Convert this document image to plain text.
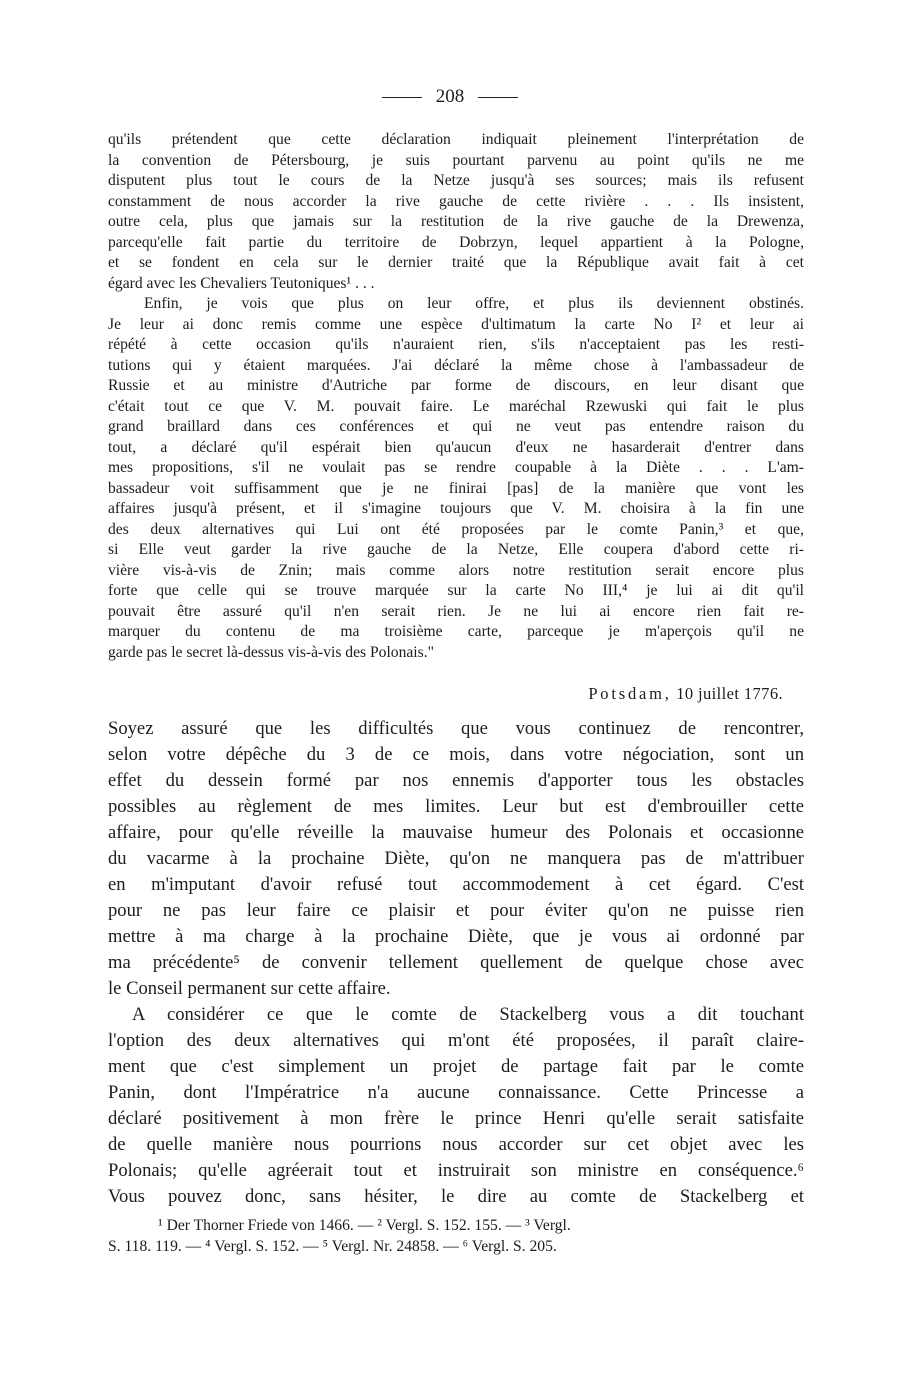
208
qu'ils prétendent que cette déclaration indiquait pleinement l'interprétation de
la convention de Pétersbourg, je suis pourtant parvenu au point qu'ils ne me
disputent plus tout le cours de la Netze jusqu'à ses sources; mais ils refusent
constamment de nous accorder la rive gauche de cette rivière . . . Ils insistent,
outre cela, plus que jamais sur la restitution de la rive gauche de la Drewenza,
parcequ'elle fait partie du territoire de Dobrzyn, lequel appartient à la Pologne,
et se fondent en cela sur le dernier traité que la République avait fait à cet
égard avec les Chevaliers Teutoniques¹ . . .
Enfin, je vois que plus on leur offre, et plus ils deviennent obstinés.
Je leur ai donc remis comme une espèce d'ultimatum la carte No I² et leur ai
répété à cette occasion qu'ils n'auraient rien, s'ils n'acceptaient pas les resti-
tutions qui y étaient marquées. J'ai déclaré la même chose à l'ambassadeur de
Russie et au ministre d'Autriche par forme de discours, en leur disant que
c'était tout ce que V. M. pouvait faire. Le maréchal Rzewuski qui fait le plus
grand braillard dans ces conférences et qui ne veut pas entendre raison du
tout, a déclaré qu'il espérait bien qu'aucun d'eux ne hasarderait d'entrer dans
mes propositions, s'il ne voulait pas se rendre coupable à la Diète . . . L'am-
bassadeur voit suffisamment que je ne finirai [pas] de la manière que vont les
affaires jusqu'à présent, et il s'imagine toujours que V. M. choisira à la fin une
des deux alternatives qui Lui ont été proposées par le comte Panin,³ et que,
si Elle veut garder la rive gauche de la Netze, Elle coupera d'abord cette ri-
vière vis-à-vis de Znin; mais comme alors notre restitution serait encore plus
forte que celle qui se trouve marquée sur la carte No III,⁴ je lui ai dit qu'il
pouvait être assuré qu'il n'en serait rien. Je ne lui ai encore rien fait re-
marquer du contenu de ma troisième carte, parceque je m'aperçois qu'il ne
garde pas le secret là-dessus vis-à-vis des Polonais."
Potsdam, 10 juillet 1776.
Soyez assuré que les difficultés que vous continuez de rencontrer,
selon votre dépêche du 3 de ce mois, dans votre négociation, sont un
effet du dessein formé par nos ennemis d'apporter tous les obstacles
possibles au règlement de mes limites. Leur but est d'embrouiller cette
affaire, pour qu'elle réveille la mauvaise humeur des Polonais et occasionne
du vacarme à la prochaine Diète, qu'on ne manquera pas de m'attribuer
en m'imputant d'avoir refusé tout accommodement à cet égard. C'est
pour ne pas leur faire ce plaisir et pour éviter qu'on ne puisse rien
mettre à ma charge à la prochaine Diète, que je vous ai ordonné par
ma précédente⁵ de convenir tellement quellement de quelque chose avec
le Conseil permanent sur cette affaire.
A considérer ce que le comte de Stackelberg vous a dit touchant
l'option des deux alternatives qui m'ont été proposées, il paraît claire-
ment que c'est simplement un projet de partage fait par le comte
Panin, dont l'Impératrice n'a aucune connaissance. Cette Princesse a
déclaré positivement à mon frère le prince Henri qu'elle serait satisfaite
de quelle manière nous pourrions nous accorder sur cet objet avec les
Polonais; qu'elle agréerait tout et instruirait son ministre en conséquence.⁶
Vous pouvez donc, sans hésiter, le dire au comte de Stackelberg et
¹ Der Thorner Friede von 1466. — ² Vergl. S. 152. 155. — ³ Vergl.
S. 118. 119. — ⁴ Vergl. S. 152. — ⁵ Vergl. Nr. 24858. — ⁶ Vergl. S. 205.
